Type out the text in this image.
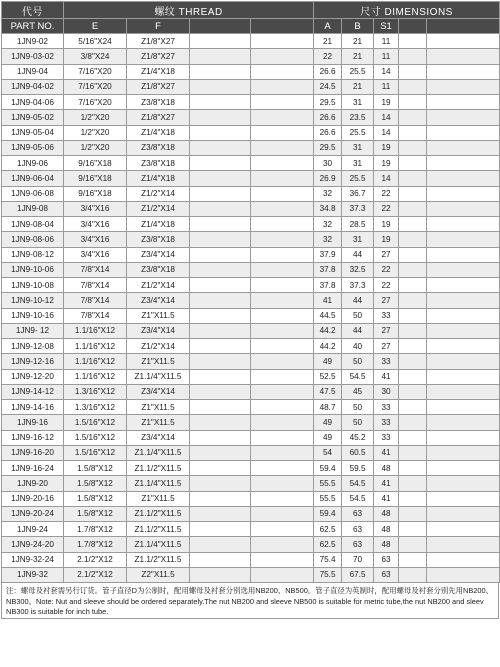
代号	螺纹 THREAD				尺寸 DIMENSIONS				
PART NO.	E	F			A	B	S1		
1JN9-02	5/16"X24	Z1/8"X27			21	21	11		
1JN9-03-02	3/8"X24	Z1/8"X27			22	21	11		
1JN9-04	7/16"X20	Z1/4"X18			26.6	25.5	14		
1JN9-04-02	7/16"X20	Z1/8"X27			24.5	21	11		
1JN9-04-06	7/16"X20	Z3/8"X18			29.5	31	19		
1JN9-05-02	1/2"X20	Z1/8"X27			26.6	23.5	14		
1JN9-05-04	1/2"X20	Z1/4"X18			26.6	25.5	14		
1JN9-05-06	1/2"X20	Z3/8"X18			29.5	31	19		
1JN9-06	9/16"X18	Z3/8"X18			30	31	19		
1JN9-06-04	9/16"X18	Z1/4"X18			26.9	25.5	14		
1JN9-06-08	9/16"X18	Z1/2"X14			32	36.7	22		
1JN9-08	3/4"X16	Z1/2"X14			34.8	37.3	22		
1JN9-08-04	3/4"X16	Z1/4"X18			32	28.5	19		
1JN9-08-06	3/4"X16	Z3/8"X18			32	31	19		
1JN9-08-12	3/4"X16	Z3/4"X14			37.9	44	27		
1JN9-10-06	7/8"X14	Z3/8"X18			37.8	32.5	22		
1JN9-10-08	7/8"X14	Z1/2"X14			37.8	37.3	22		
1JN9-10-12	7/8"X14	Z3/4"X14			41	44	27		
1JN9-10-16	7/8"X14	Z1"X11.5			44.5	50	33		
1JN9- 12	1.1/16"X12	Z3/4"X14			44.2	44	27		
1JN9-12-08	1.1/16"X12	Z1/2"X14			44.2	40	27		
1JN9-12-16	1.1/16"X12	Z1"X11.5			49	50	33		
1JN9-12-20	1.1/16"X12	Z1.1/4"X11.5			52.5	54.5	41		
1JN9-14-12	1.3/16"X12	Z3/4"X14			47.5	45	30		
1JN9-14-16	1.3/16"X12	Z1"X11.5			48.7	50	33		
1JN9-16	1.5/16"X12	Z1"X11.5			49	50	33		
1JN9-16-12	1.5/16"X12	Z3/4"X14			49	45.2	33		
1JN9-16-20	1.5/16"X12	Z1.1/4"X11.5			54	60.5	41		
1JN9-16-24	1.5/8"X12	Z1.1/2"X11.5			59.4	59.5	48		
1JN9-20	1.5/8"X12	Z1.1/4"X11.5			55.5	54.5	41		
1JN9-20-16	1.5/8"X12	Z1"X11.5			55.5	54.5	41		
1JN9-20-24	1.5/8"X12	Z1.1/2"X11.5			59.4	63	48		
1JN9-24	1.7/8"X12	Z1.1/2"X11.5			62.5	63	48		
1JN9-24-20	1.7/8"X12	Z1.1/4"X11.5			62.5	63	48		
1JN9-32-24	2.1/2"X12	Z1.1/2"X11.5			75.4	70	63		
1JN9-32	2.1/2"X12	Z2"X11.5			75.5	67.5	63		
注：螺母及衬套需另行订货。管子直径D为公制时，配用螺母及衬套分别选用NB200、NB500。管子直径为英制时，配用螺母及衬套分别先用NB200、NB300。Note: Nut and sleeve should be ordered separately.The nut NB200 and sleeve NB500 is suitable for metric tube,the nut NB200 and sleev NB300 is suitable for inch tube.
